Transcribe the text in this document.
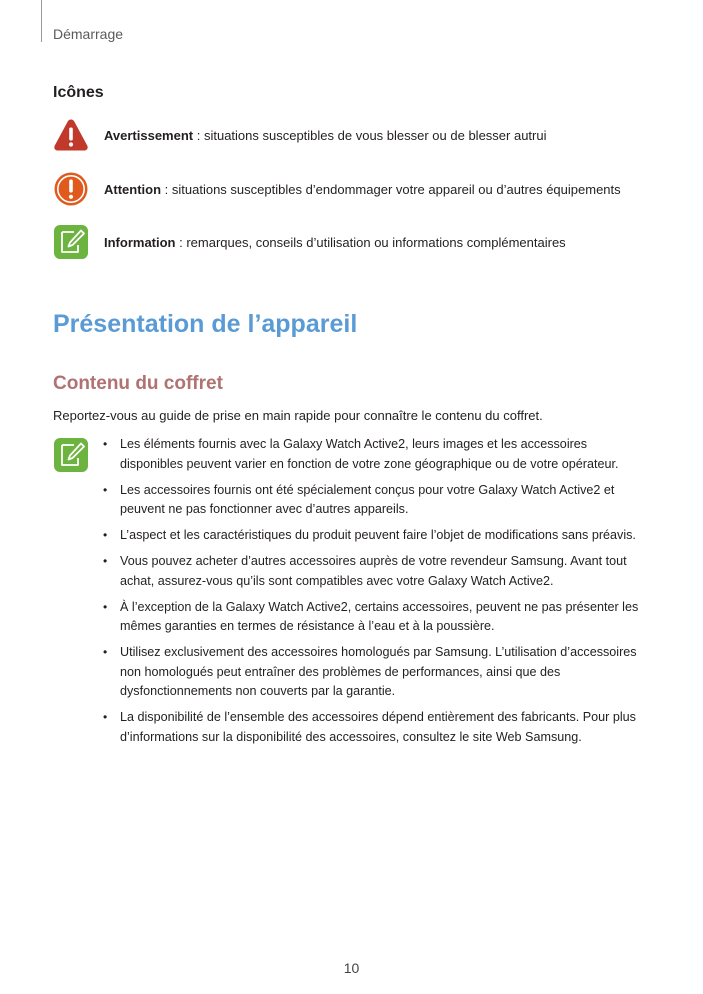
Démarrage
Icônes
Avertissement : situations susceptibles de vous blesser ou de blesser autrui
Attention : situations susceptibles d’endommager votre appareil ou d’autres équipements
Information : remarques, conseils d’utilisation ou informations complémentaires
Présentation de l’appareil
Contenu du coffret

Reportez-vous au guide de prise en main rapide pour connaître le contenu du coffret.

• Les éléments fournis avec la Galaxy Watch Active2, leurs images et les accessoires disponibles peuvent varier en fonction de votre zone géographique ou de votre opérateur.
• Les accessoires fournis ont été spécialement conçus pour votre Galaxy Watch Active2 et peuvent ne pas fonctionner avec d’autres appareils.
• L’aspect et les caractéristiques du produit peuvent faire l’objet de modifications sans préavis.
• Vous pouvez acheter d’autres accessoires auprès de votre revendeur Samsung. Avant tout achat, assurez-vous qu’ils sont compatibles avec votre Galaxy Watch Active2.
• À l’exception de la Galaxy Watch Active2, certains accessoires, peuvent ne pas présenter les mêmes garanties en termes de résistance à l’eau et à la poussière.
• Utilisez exclusivement des accessoires homologués par Samsung. L’utilisation d’accessoires non homologués peut entraîner des problèmes de performances, ainsi que des dysfonctionnements non couverts par la garantie.
• La disponibilité de l’ensemble des accessoires dépend entièrement des fabricants. Pour plus d’informations sur la disponibilité des accessoires, consultez le site Web Samsung.
10
